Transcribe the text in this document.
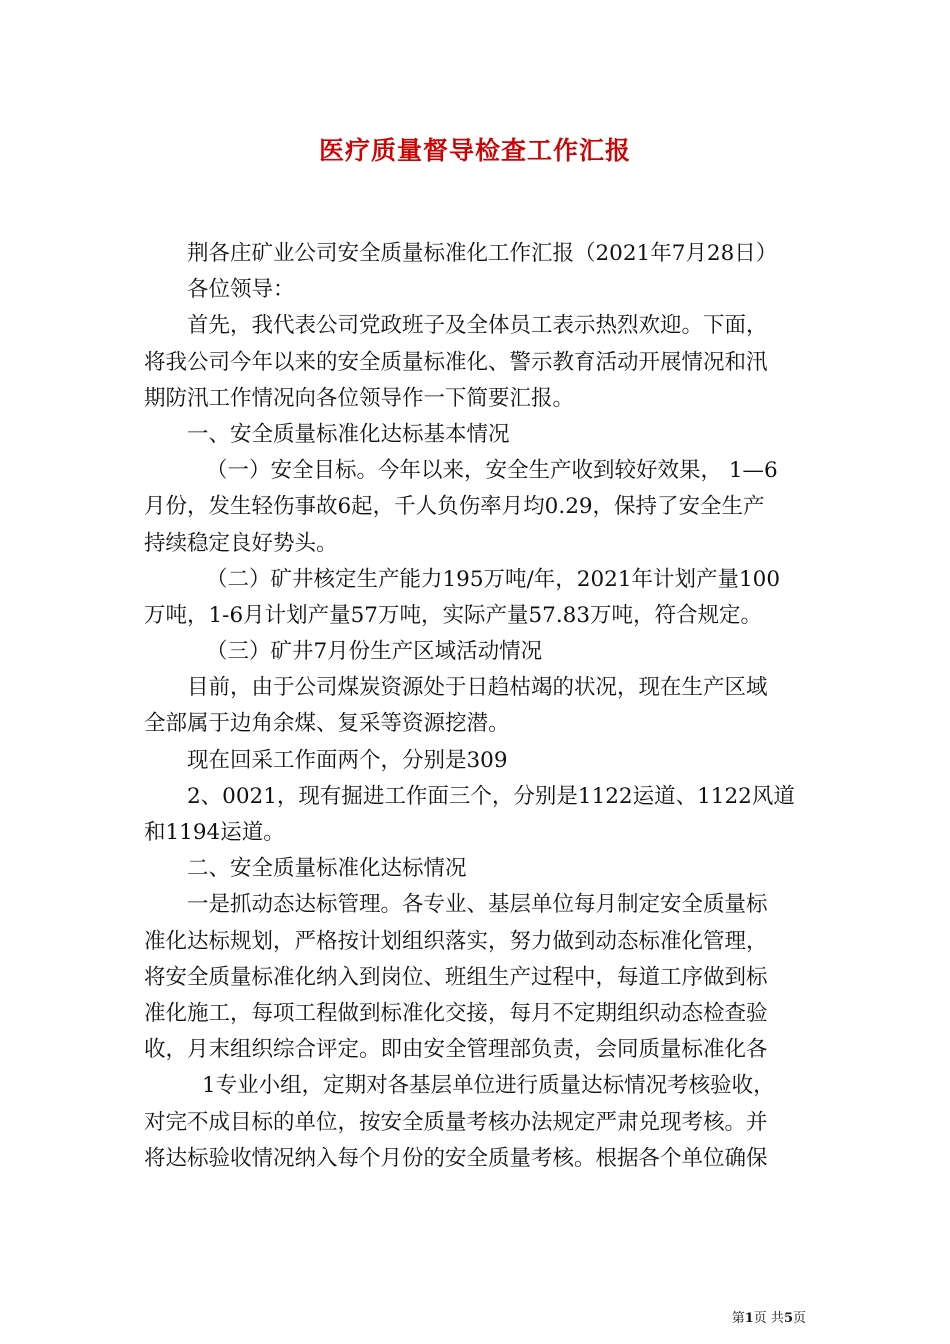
医疗质量督导检查工作汇报
荆各庄矿业公司安全质量标准化工作汇报（2021年7月28日）
各位领导：
首先，我代表公司党政班子及全体员工表示热烈欢迎。下面，
将我公司今年以来的安全质量标准化、警示教育活动开展情况和汛
期防汛工作情况向各位领导作一下简要汇报。
一、安全质量标准化达标基本情况
（一）安全目标。今年以来，安全生产收到较好效果， 1—6
月份，发生轻伤事故6起，千人负伤率月均0.29，保持了安全生产
持续稳定良好势头。
（二）矿井核定生产能力195万吨/年，2021年计划产量100
万吨，1-6月计划产量57万吨，实际产量57.83万吨，符合规定。
（三）矿井7月份生产区域活动情况
目前，由于公司煤炭资源处于日趋枯竭的状况，现在生产区域
全部属于边角余煤、复采等资源挖潜。
现在回采工作面两个，分别是309
2、0021，现有掘进工作面三个，分别是1122运道、1122风道
和1194运道。
二、安全质量标准化达标情况
一是抓动态达标管理。各专业、基层单位每月制定安全质量标
准化达标规划，严格按计划组织落实，努力做到动态标准化管理，
将安全质量标准化纳入到岗位、班组生产过程中，每道工序做到标
准化施工，每项工程做到标准化交接，每月不定期组织动态检查验
收，月末组织综合评定。即由安全管理部负责，会同质量标准化各
1专业小组，定期对各基层单位进行质量达标情况考核验收，
对完不成目标的单位，按安全质量考核办法规定严肃兑现考核。并
将达标验收情况纳入每个月份的安全质量考核。根据各个单位确保
第1页 共5页
